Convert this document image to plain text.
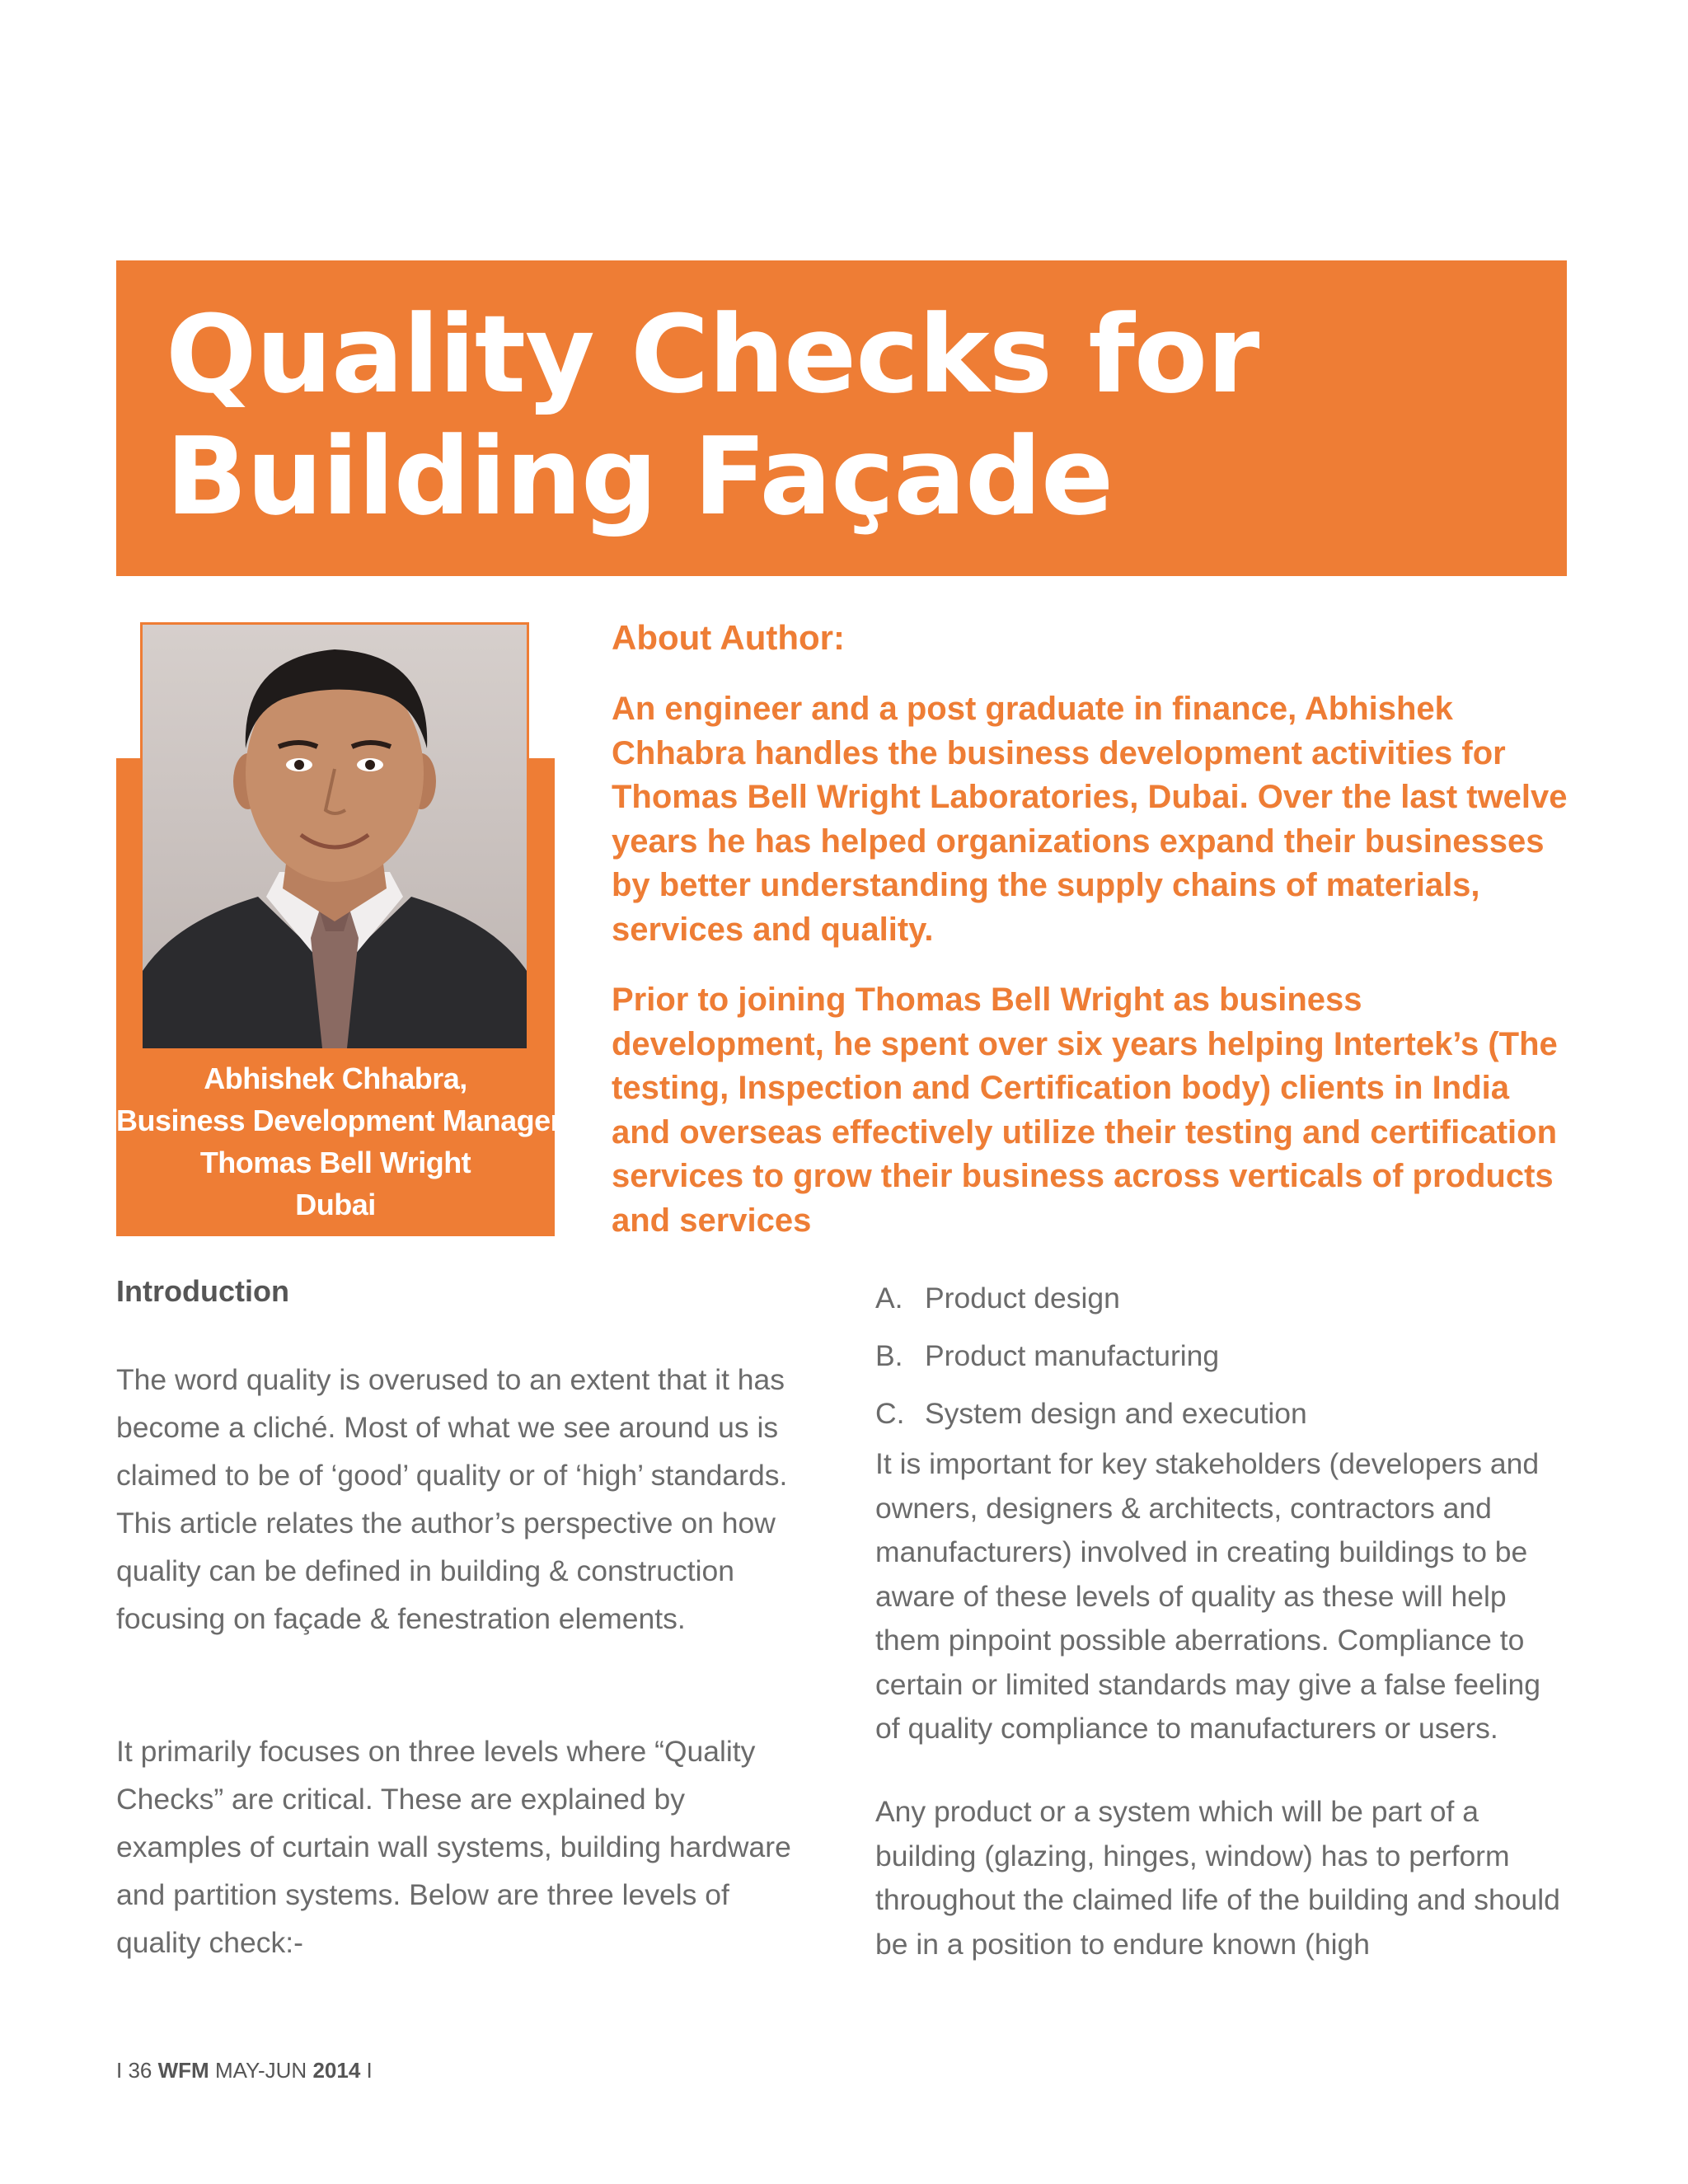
Quality Checks for
Building Façade
Abhishek Chhabra,
Business Development Manager
Thomas Bell Wright
Dubai
About Author:

An engineer and a post graduate in finance, Abhishek Chhabra handles the business development activities for Thomas Bell Wright Laboratories, Dubai. Over the last twelve years he has helped organizations expand their businesses by better understanding the supply chains of materials, services and quality.

Prior to joining Thomas Bell Wright as business development, he spent over six years helping Intertek’s (The testing, Inspection and Certification body) clients in India and overseas effectively utilize their testing and certification services to grow their business across verticals of products and services

Introduction

The word quality is overused to an extent that it has become a cliché. Most of what we see around us is claimed to be of ‘good’ quality or of ‘high’ standards. This article relates the author’s perspective on how quality can be defined in building & construction focusing on façade & fenestration elements.

It primarily focuses on three levels where “Quality Checks” are critical. These are explained by examples of curtain wall systems, building hardware and partition systems. Below are three levels of quality check:-

A. Product design
B. Product manufacturing
C. System design and execution

It is important for key stakeholders (developers and owners, designers & architects, contractors and manufacturers) involved in creating buildings to be aware of these levels of quality as these will help them pinpoint possible aberrations. Compliance to certain or limited standards may give a false feeling of quality compliance to manufacturers or users.

Any product or a system which will be part of a building (glazing, hinges, window) has to perform throughout the claimed life of the building and should be in a position to endure known (high

I 36 WFM MAY-JUN 2014 I
